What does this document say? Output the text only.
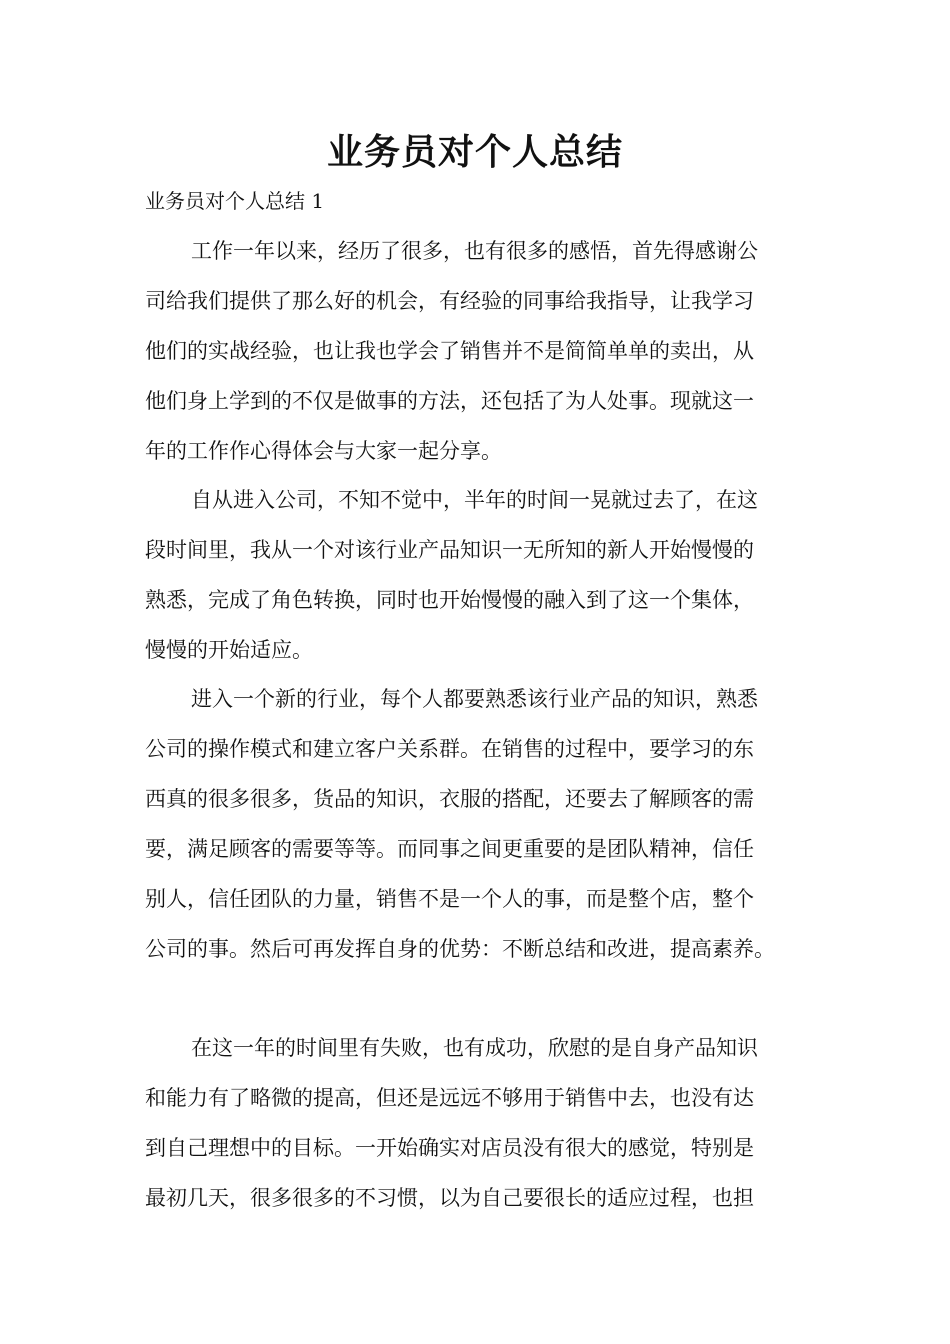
业务员对个人总结
业务员对个人总结 1
工作一年以来，经历了很多，也有很多的感悟，首先得感谢公
司给我们提供了那么好的机会，有经验的同事给我指导，让我学习
他们的实战经验，也让我也学会了销售并不是简简单单的卖出，从
他们身上学到的不仅是做事的方法，还包括了为人处事。现就这一
年的工作作心得体会与大家一起分享。
自从进入公司，不知不觉中，半年的时间一晃就过去了，在这
段时间里，我从一个对该行业产品知识一无所知的新人开始慢慢的
熟悉，完成了角色转换，同时也开始慢慢的融入到了这一个集体，
慢慢的开始适应。
进入一个新的行业，每个人都要熟悉该行业产品的知识，熟悉
公司的操作模式和建立客户关系群。在销售的过程中，要学习的东
西真的很多很多，货品的知识，衣服的搭配，还要去了解顾客的需
要，满足顾客的需要等等。而同事之间更重要的是团队精神，信任
别人，信任团队的力量，销售不是一个人的事，而是整个店，整个
公司的事。然后可再发挥自身的优势：不断总结和改进，提高素养。
在这一年的时间里有失败，也有成功，欣慰的是自身产品知识
和能力有了略微的提高，但还是远远不够用于销售中去，也没有达
到自己理想中的目标。一开始确实对店员没有很大的感觉，特别是
最初几天，很多很多的不习惯，以为自己要很长的适应过程，也担
